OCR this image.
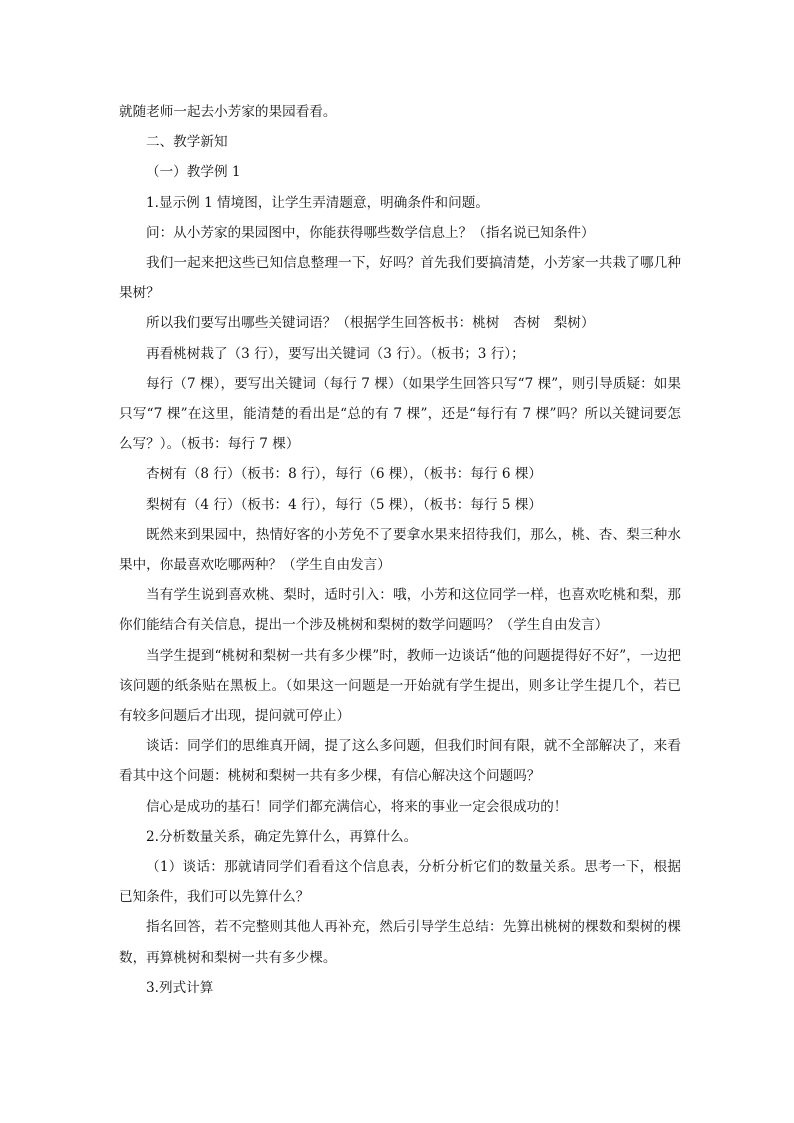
就随老师一起去小芳家的果园看看。

二、教学新知

（一）教学例 1

1.显示例 1 情境图，让学生弄清题意，明确条件和问题。

问：从小芳家的果园图中，你能获得哪些数学信息上？（指名说已知条件）

我们一起来把这些已知信息整理一下，好吗？首先我们要搞清楚，小芳家一共栽了哪几种果树？

所以我们要写出哪些关键词语？（根据学生回答板书：桃树　杏树　梨树）

再看桃树栽了（3 行），要写出关键词（3 行）。（板书；3 行）；

每行（7 棵），要写出关键词（每行 7 棵）（如果学生回答只写“7 棵”，则引导质疑：如果只写“7 棵”在这里，能清楚的看出是“总的有 7 棵”，还是“每行有 7 棵”吗？所以关键词要怎么写？）。（板书：每行 7 棵）

杏树有（8 行）（板书：8 行），每行（6 棵），（板书：每行 6 棵）

梨树有（4 行）（板书：4 行），每行（5 棵），（板书：每行 5 棵）

既然来到果园中，热情好客的小芳免不了要拿水果来招待我们，那么，桃、杏、梨三种水果中，你最喜欢吃哪两种？（学生自由发言）

当有学生说到喜欢桃、梨时，适时引入：哦，小芳和这位同学一样，也喜欢吃桃和梨，那你们能结合有关信息，提出一个涉及桃树和梨树的数学问题吗？（学生自由发言）

当学生提到“桃树和梨树一共有多少棵”时，教师一边谈话“他的问题提得好不好”，一边把该问题的纸条贴在黑板上。（如果这一问题是一开始就有学生提出，则多让学生提几个，若已有较多问题后才出现，提问就可停止）

谈话：同学们的思维真开阔，提了这么多问题，但我们时间有限，就不全部解决了，来看看其中这个问题：桃树和梨树一共有多少棵，有信心解决这个问题吗？

信心是成功的基石！同学们都充满信心，将来的事业一定会很成功的！

2.分析数量关系，确定先算什么，再算什么。

（1）谈话：那就请同学们看看这个信息表，分析分析它们的数量关系。思考一下，根据已知条件，我们可以先算什么？

指名回答，若不完整则其他人再补充，然后引导学生总结：先算出桃树的棵数和梨树的棵数，再算桃树和梨树一共有多少棵。

3.列式计算
